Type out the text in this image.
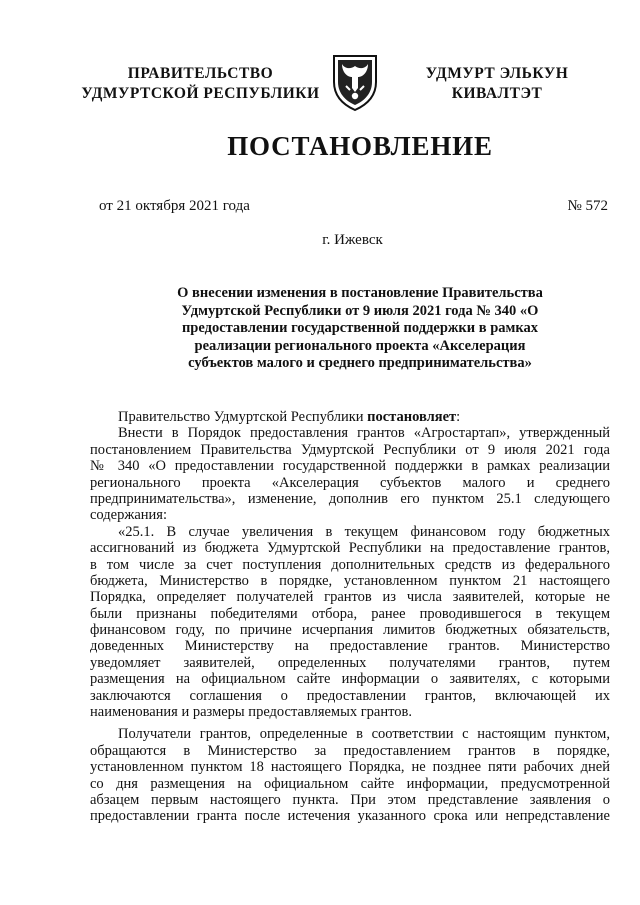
ПРАВИТЕЛЬСТВО
УДМУРТСКОЙ РЕСПУБЛИКИ
УДМУРТ ЭЛЬКУН
КИВАЛТЭТ
ПОСТАНОВЛЕНИЕ
от 21 октября 2021 года	№ 572
г. Ижевск
О внесении изменения в постановление Правительства
Удмуртской Республики от 9 июля 2021 года № 340 «О
предоставлении государственной поддержки в рамках
реализации регионального проекта «Акселерация
субъектов малого и среднего предпринимательства»
Правительство Удмуртской Республики постановляет:
Внести в Порядок предоставления грантов «Агростартап», утвержденный
постановлением Правительства Удмуртской Республики от 9 июля 2021 года
№ 340 «О предоставлении государственной поддержки в рамках реализации
регионального проекта «Акселерация субъектов малого и среднего
предпринимательства», изменение, дополнив его пунктом 25.1 следующего
содержания:
«25.1. В случае увеличения в текущем финансовом году бюджетных
ассигнований из бюджета Удмуртской Республики на предоставление грантов,
в том числе за счет поступления дополнительных средств из федерального
бюджета, Министерство в порядке, установленном пунктом 21 настоящего
Порядка, определяет получателей грантов из числа заявителей, которые не
были признаны победителями отбора, ранее проводившегося в текущем
финансовом году, по причине исчерпания лимитов бюджетных обязательств,
доведенных Министерству на предоставление грантов. Министерство
уведомляет заявителей, определенных получателями грантов, путем
размещения на официальном сайте информации о заявителях, с которыми
заключаются соглашения о предоставлении грантов, включающей их
наименования и размеры предоставляемых грантов.
Получатели грантов, определенные в соответствии с настоящим пунктом,
обращаются в Министерство за предоставлением грантов в порядке,
установленном пунктом 18 настоящего Порядка, не позднее пяти рабочих дней
со дня размещения на официальном сайте информации, предусмотренной
абзацем первым настоящего пункта. При этом представление заявления о
предоставлении гранта после истечения указанного срока или непредставление
